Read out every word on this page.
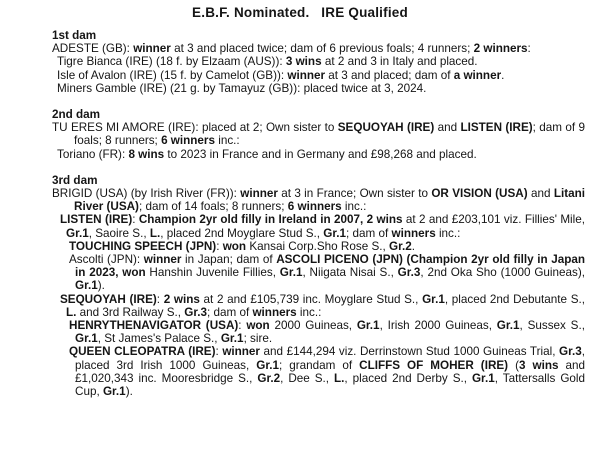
E.B.F. Nominated.   IRE Qualified
1st dam

ADESTE (GB): winner at 3 and placed twice; dam of 6 previous foals; 4 runners; 2 winners:

Tigre Bianca (IRE) (18 f. by Elzaam (AUS)): 3 wins at 2 and 3 in Italy and placed.

Isle of Avalon (IRE) (15 f. by Camelot (GB)): winner at 3 and placed; dam of a winner.

Miners Gamble (IRE) (21 g. by Tamayuz (GB)): placed twice at 3, 2024.

2nd dam

TU ERES MI AMORE (IRE): placed at 2; Own sister to SEQUOYAH (IRE) and LISTEN (IRE); dam of 9 foals; 8 runners; 6 winners inc.:

Toriano (FR): 8 wins to 2023 in France and in Germany and £98,268 and placed.

3rd dam

BRIGID (USA) (by Irish River (FR)): winner at 3 in France; Own sister to OR VISION (USA) and Litani River (USA); dam of 14 foals; 8 runners; 6 winners inc.:

LISTEN (IRE): Champion 2yr old filly in Ireland in 2007, 2 wins at 2 and £203,101 viz. Fillies' Mile, Gr.1, Saoire S., L., placed 2nd Moyglare Stud S., Gr.1; dam of winners inc.:

TOUCHING SPEECH (JPN): won Kansai Corp.Sho Rose S., Gr.2.

Ascolti (JPN): winner in Japan; dam of ASCOLI PICENO (JPN) (Champion 2yr old filly in Japan in 2023, won Hanshin Juvenile Fillies, Gr.1, Niigata Nisai S., Gr.3, 2nd Oka Sho (1000 Guineas), Gr.1).

SEQUOYAH (IRE): 2 wins at 2 and £105,739 inc. Moyglare Stud S., Gr.1, placed 2nd Debutante S., L. and 3rd Railway S., Gr.3; dam of winners inc.:

HENRYTHENAVIGATOR (USA): won 2000 Guineas, Gr.1, Irish 2000 Guineas, Gr.1, Sussex S., Gr.1, St James's Palace S., Gr.1; sire.

QUEEN CLEOPATRA (IRE): winner and £144,294 viz. Derrinstown Stud 1000 Guineas Trial, Gr.3, placed 3rd Irish 1000 Guineas, Gr.1; grandam of CLIFFS OF MOHER (IRE) (3 wins and £1,020,343 inc. Mooresbridge S., Gr.2, Dee S., L., placed 2nd Derby S., Gr.1, Tattersalls Gold Cup, Gr.1).
